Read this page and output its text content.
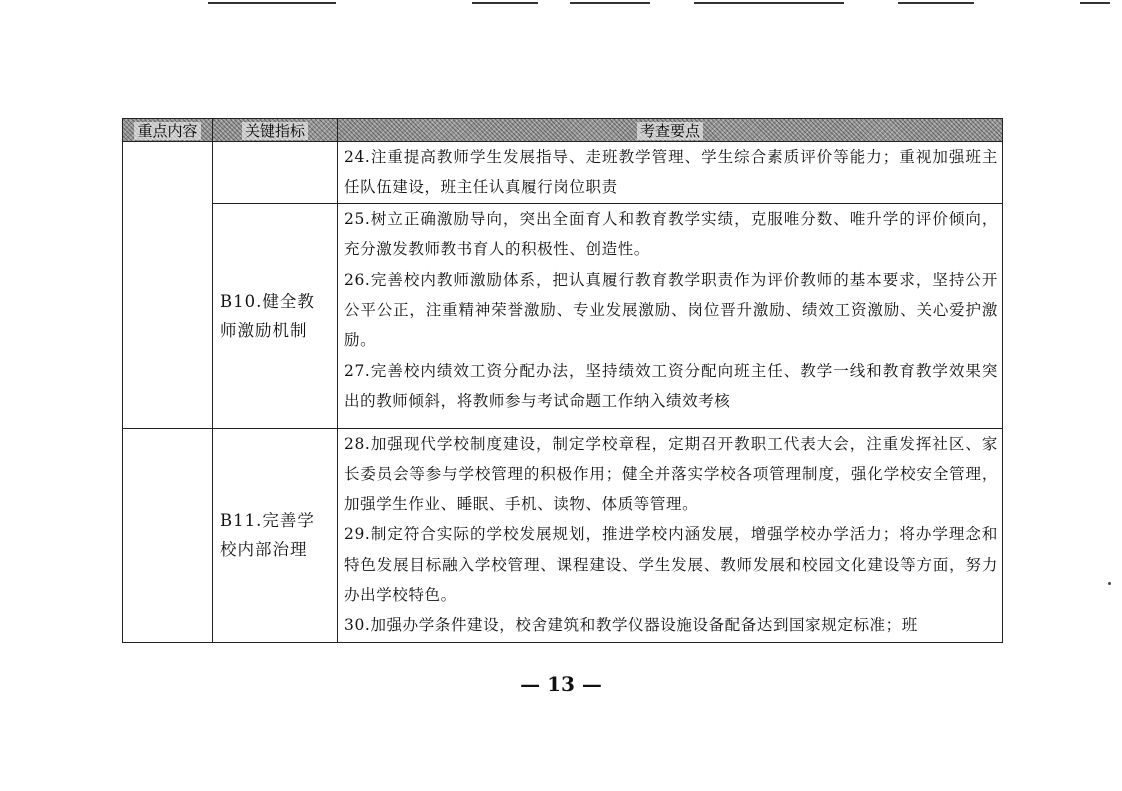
重点内容	关键指标	考查要点

		24.注重提高教师学生发展指导、走班教学管理、学生综合素质评价等能力；重视加强班主任队伍建设，班主任认真履行岗位职责

	B10.健全教师激励机制	25.树立正确激励导向，突出全面育人和教育教学实绩，克服唯分数、唯升学的评价倾向，充分激发教师教书育人的积极性、创造性。

26.完善校内教师激励体系，把认真履行教育教学职责作为评价教师的基本要求，坚持公开公平公正，注重精神荣誉激励、专业发展激励、岗位晋升激励、绩效工资激励、关心爱护激励。

27.完善校内绩效工资分配办法，坚持绩效工资分配向班主任、教学一线和教育教学效果突出的教师倾斜，将教师参与考试命题工作纳入绩效考核

	B11.完善学校内部治理	28.加强现代学校制度建设，制定学校章程，定期召开教职工代表大会，注重发挥社区、家长委员会等参与学校管理的积极作用；健全并落实学校各项管理制度，强化学校安全管理，加强学生作业、睡眠、手机、读物、体质等管理。

29.制定符合实际的学校发展规划，推进学校内涵发展，增强学校办学活力；将办学理念和特色发展目标融入学校管理、课程建设、学生发展、教师发展和校园文化建设等方面，努力办出学校特色。

30.加强办学条件建设，校舍建筑和教学仪器设施设备配备达到国家规定标准；班

— 13 —
